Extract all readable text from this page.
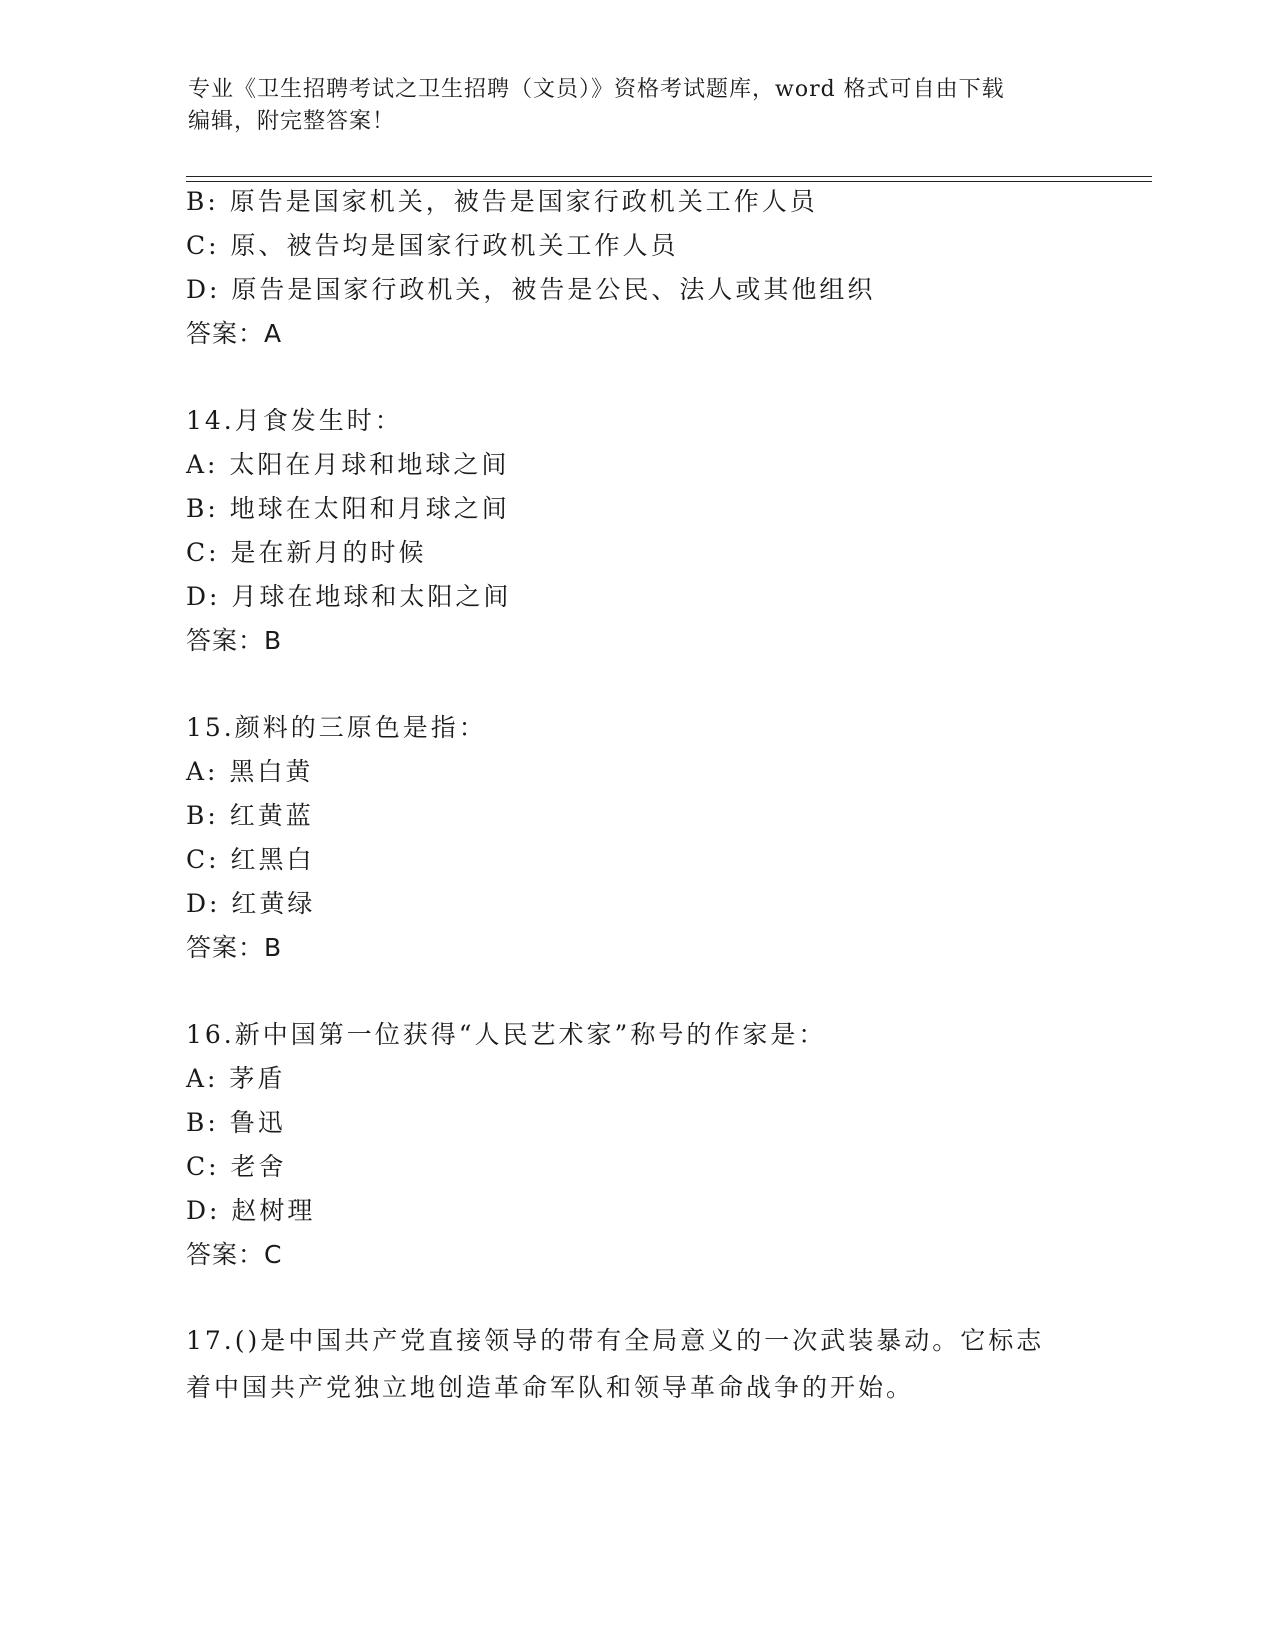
专业《卫生招聘考试之卫生招聘（文员）》资格考试题库，word 格式可自由下载
编辑，附完整答案！
B: 原告是国家机关，被告是国家行政机关工作人员
C: 原、被告均是国家行政机关工作人员
D: 原告是国家行政机关，被告是公民、法人或其他组织
答案：A
14.月食发生时：
A: 太阳在月球和地球之间
B: 地球在太阳和月球之间
C: 是在新月的时候
D: 月球在地球和太阳之间
答案：B
15.颜料的三原色是指：
A: 黑白黄
B: 红黄蓝
C: 红黑白
D: 红黄绿
答案：B
16.新中国第一位获得“人民艺术家”称号的作家是：
A: 茅盾
B: 鲁迅
C: 老舍
D: 赵树理
答案：C
17.()是中国共产党直接领导的带有全局意义的一次武装暴动。它标志
着中国共产党独立地创造革命军队和领导革命战争的开始。
